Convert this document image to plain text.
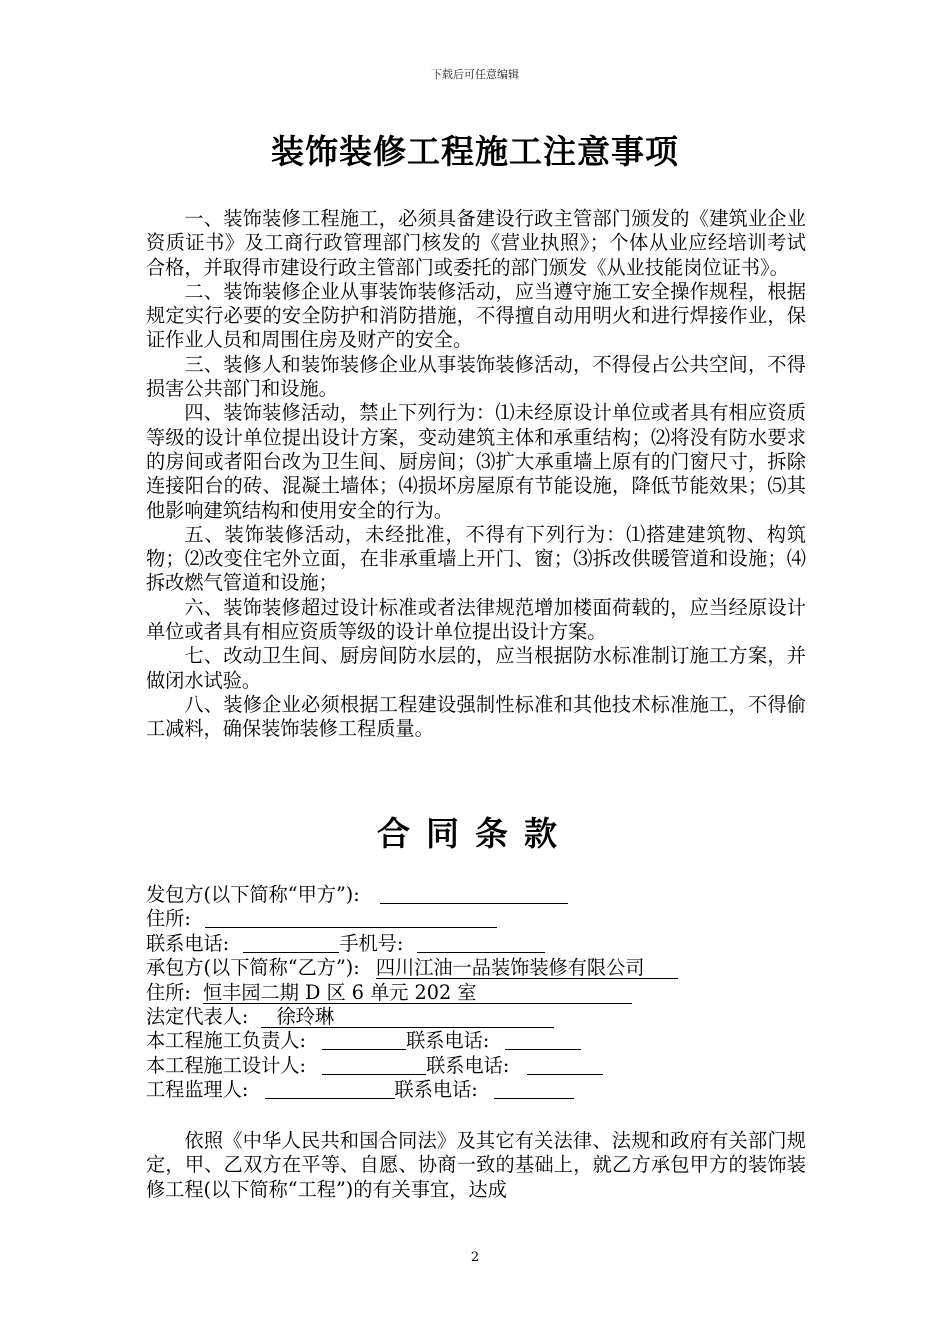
下载后可任意编辑
装饰装修工程施工注意事项

一、装饰装修工程施工，必须具备建设行政主管部门颁发的《建筑业企业资质证书》及工商行政管理部门核发的《营业执照》；个体从业应经培训考试合格，并取得市建设行政主管部门或委托的部门颁发《从业技能岗位证书》。

二、装饰装修企业从事装饰装修活动，应当遵守施工安全操作规程，根据规定实行必要的安全防护和消防措施，不得擅自动用明火和进行焊接作业，保证作业人员和周围住房及财产的安全。

三、装修人和装饰装修企业从事装饰装修活动，不得侵占公共空间，不得损害公共部门和设施。

四、装饰装修活动，禁止下列行为：⑴未经原设计单位或者具有相应资质等级的设计单位提出设计方案，变动建筑主体和承重结构；⑵将没有防水要求的房间或者阳台改为卫生间、厨房间；⑶扩大承重墙上原有的门窗尺寸，拆除连接阳台的砖、混凝土墙体；⑷损坏房屋原有节能设施，降低节能效果；⑸其他影响建筑结构和使用安全的行为。

五、装饰装修活动，未经批准，不得有下列行为：⑴搭建建筑物、构筑物；⑵改变住宅外立面，在非承重墙上开门、窗；⑶拆改供暖管道和设施；⑷拆改燃气管道和设施；

六、装饰装修超过设计标准或者法律规范增加楼面荷载的，应当经原设计单位或者具有相应资质等级的设计单位提出设计方案。

七、改动卫生间、厨房间防水层的，应当根据防水标准制订施工方案，并做闭水试验。

八、装修企业必须根据工程建设强制性标准和其他技术标准施工，不得偷工减料，确保装饰装修工程质量。

合同条款
发包方(以下简称“甲方”):
住所:
联系电话:	手机号:
承包方(以下简称“乙方”): 四川江油一品装饰装修有限公司
住所: 恒丰园二期 D 区 6 单元 202 室
法定代表人: 徐玲琳
本工程施工负责人:	联系电话:
本工程施工设计人:	联系电话:
工程监理人:	联系电话:

依照《中华人民共和国合同法》及其它有关法律、法规和政府有关部门规定，甲、乙双方在平等、自愿、协商一致的基础上，就乙方承包甲方的装饰装修工程(以下简称“工程”)的有关事宜，达成

2
